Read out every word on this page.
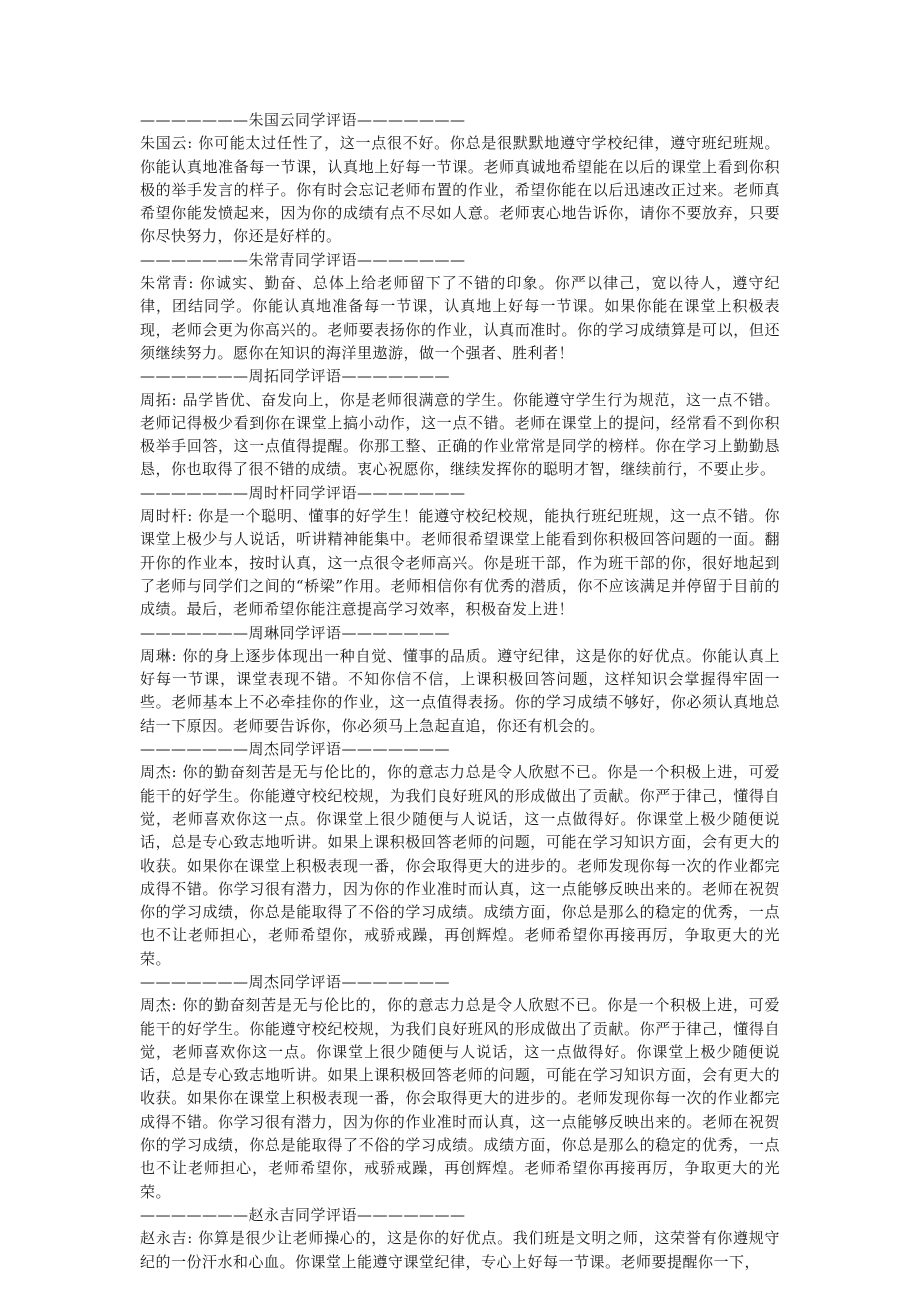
———————朱国云同学评语———————
朱国云: 你可能太过任性了，这一点很不好。你总是很默默地遵守学校纪律，遵守班纪班规。你能认真地准备每一节课，认真地上好每一节课。老师真诚地希望能在以后的课堂上看到你积极的举手发言的样子。你有时会忘记老师布置的作业，希望你能在以后迅速改正过来。老师真希望你能发愤起来，因为你的成绩有点不尽如人意。老师衷心地告诉你，请你不要放弃，只要你尽快努力，你还是好样的。
———————朱常青同学评语———————
朱常青: 你诚实、勤奋、总体上给老师留下了不错的印象。你严以律己，宽以待人，遵守纪律，团结同学。你能认真地准备每一节课，认真地上好每一节课。如果你能在课堂上积极表现，老师会更为你高兴的。老师要表扬你的作业，认真而准时。你的学习成绩算是可以，但还须继续努力。愿你在知识的海洋里遨游，做一个强者、胜利者！
———————周拓同学评语———————
周拓: 品学皆优、奋发向上，你是老师很满意的学生。你能遵守学生行为规范，这一点不错。老师记得极少看到你在课堂上搞小动作，这一点不错。老师在课堂上的提问，经常看不到你积极举手回答，这一点值得提醒。你那工整、正确的作业常常是同学的榜样。你在学习上勤勤恳恳，你也取得了很不错的成绩。衷心祝愿你，继续发挥你的聪明才智，继续前行，不要止步。
———————周时杆同学评语———————
周时杆: 你是一个聪明、懂事的好学生！能遵守校纪校规，能执行班纪班规，这一点不错。你课堂上极少与人说话，听讲精神能集中。老师很希望课堂上能看到你积极回答问题的一面。翻开你的作业本，按时认真，这一点很令老师高兴。你是班干部，作为班干部的你，很好地起到了老师与同学们之间的“桥梁”作用。老师相信你有优秀的潜质，你不应该满足并停留于目前的成绩。最后，老师希望你能注意提高学习效率，积极奋发上进！
———————周琳同学评语———————
周琳: 你的身上逐步体现出一种自觉、懂事的品质。遵守纪律，这是你的好优点。你能认真上好每一节课，课堂表现不错。不知你信不信，上课积极回答问题，这样知识会掌握得牢固一些。老师基本上不必牵挂你的作业，这一点值得表扬。你的学习成绩不够好，你必须认真地总结一下原因。老师要告诉你，你必须马上急起直追，你还有机会的。
———————周杰同学评语———————
周杰: 你的勤奋刻苦是无与伦比的，你的意志力总是令人欣慰不已。你是一个积极上进，可爱能干的好学生。你能遵守校纪校规，为我们良好班风的形成做出了贡献。你严于律己，懂得自觉，老师喜欢你这一点。你课堂上很少随便与人说话，这一点做得好。你课堂上极少随便说话，总是专心致志地听讲。如果上课积极回答老师的问题，可能在学习知识方面，会有更大的收获。如果你在课堂上积极表现一番，你会取得更大的进步的。老师发现你每一次的作业都完成得不错。你学习很有潜力，因为你的作业准时而认真，这一点能够反映出来的。老师在祝贺你的学习成绩，你总是能取得了不俗的学习成绩。成绩方面，你总是那么的稳定的优秀，一点也不让老师担心，老师希望你，戒骄戒躁，再创辉煌。老师希望你再接再厉，争取更大的光荣。
———————周杰同学评语———————
周杰: 你的勤奋刻苦是无与伦比的，你的意志力总是令人欣慰不已。你是一个积极上进，可爱能干的好学生。你能遵守校纪校规，为我们良好班风的形成做出了贡献。你严于律己，懂得自觉，老师喜欢你这一点。你课堂上很少随便与人说话，这一点做得好。你课堂上极少随便说话，总是专心致志地听讲。如果上课积极回答老师的问题，可能在学习知识方面，会有更大的收获。如果你在课堂上积极表现一番，你会取得更大的进步的。老师发现你每一次的作业都完成得不错。你学习很有潜力，因为你的作业准时而认真，这一点能够反映出来的。老师在祝贺你的学习成绩，你总是能取得了不俗的学习成绩。成绩方面，你总是那么的稳定的优秀，一点也不让老师担心，老师希望你，戒骄戒躁，再创辉煌。老师希望你再接再厉，争取更大的光荣。
———————赵永吉同学评语———————
赵永吉: 你算是很少让老师操心的，这是你的好优点。我们班是文明之师，这荣誉有你遵规守纪的一份汗水和心血。你课堂上能遵守课堂纪律，专心上好每一节课。老师要提醒你一下，
